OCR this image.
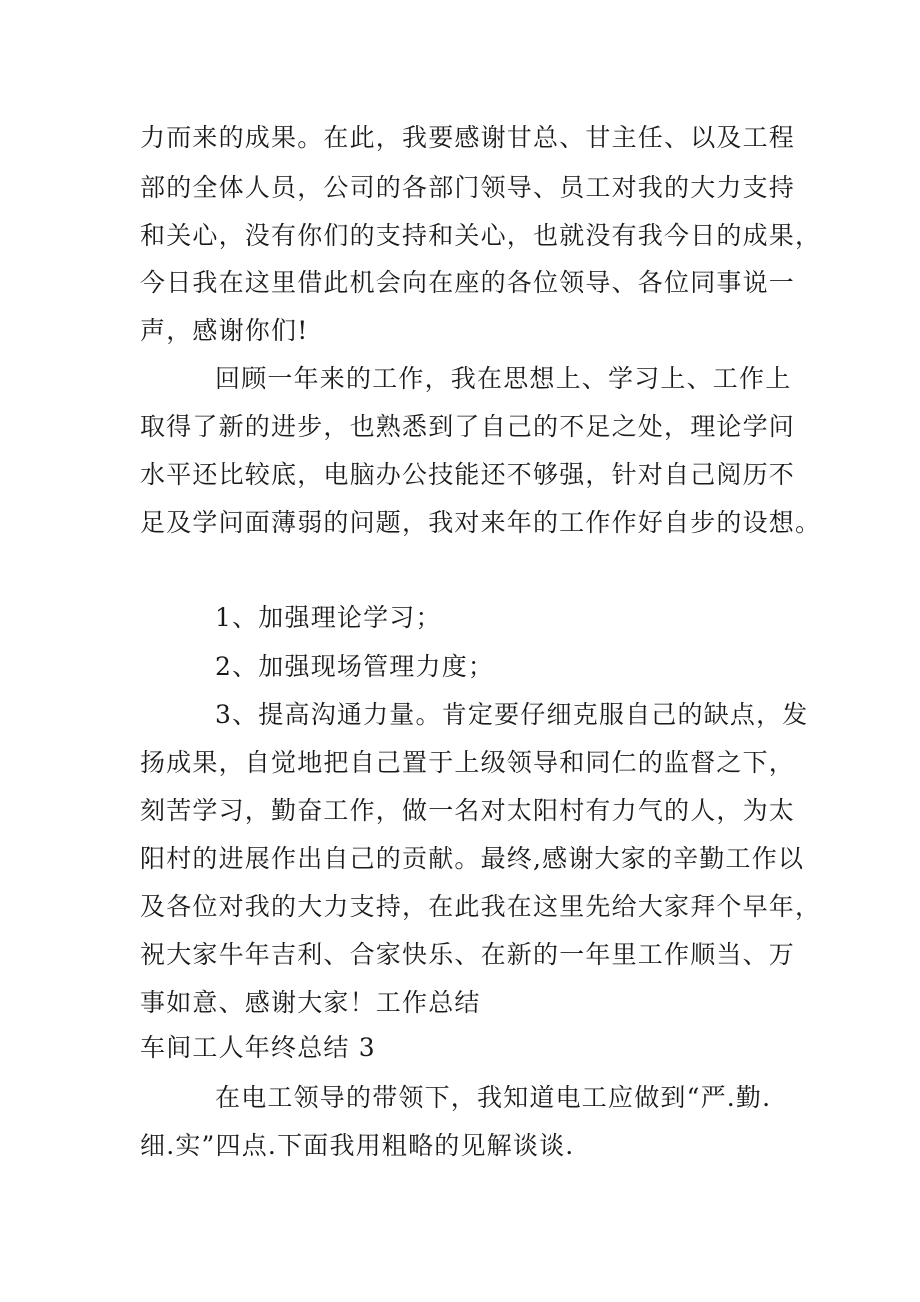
力而来的成果。在此，我要感谢甘总、甘主任、以及工程
部的全体人员，公司的各部门领导、员工对我的大力支持
和关心，没有你们的支持和关心，也就没有我今日的成果，
今日我在这里借此机会向在座的各位领导、各位同事说一
声，感谢你们!
回顾一年来的工作，我在思想上、学习上、工作上
取得了新的进步，也熟悉到了自己的不足之处，理论学问
水平还比较底，电脑办公技能还不够强，针对自己阅历不
足及学问面薄弱的问题，我对来年的工作作好自步的设想。
1、加强理论学习；
2、加强现场管理力度；
3、提高沟通力量。肯定要仔细克服自己的缺点，发
扬成果，自觉地把自己置于上级领导和同仁的监督之下，
刻苦学习，勤奋工作，做一名对太阳村有力气的人，为太
阳村的进展作出自己的贡献。最终,感谢大家的辛勤工作以
及各位对我的大力支持，在此我在这里先给大家拜个早年，
祝大家牛年吉利、合家快乐、在新的一年里工作顺当、万
事如意、感谢大家！工作总结
车间工人年终总结 3
在电工领导的带领下，我知道电工应做到“严.勤.
细.实”四点.下面我用粗略的见解谈谈.
